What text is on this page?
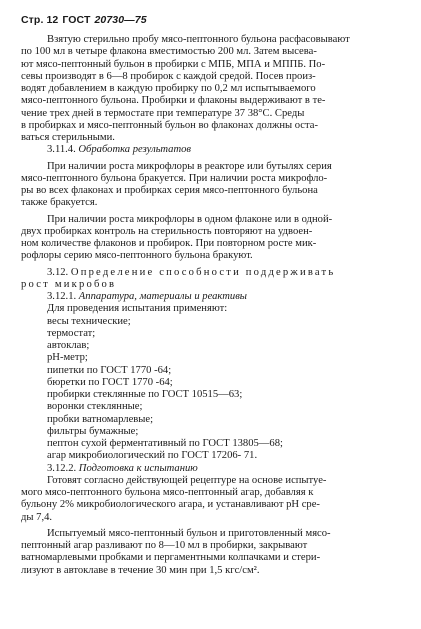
Стр. 12 ГОСТ 20730—75

Взятую стерильно пробу мясо-пептонного бульона расфасовывают

по 100 мл в четыре флакона вместимостью 200 мл. Затем высева-

ют мясо-пептонный бульон в пробирки с МПБ, МПА и МППБ. По-

севы производят в 6—8 пробирок с каждой средой. Посев произ-

водят добавлением в каждую пробирку по 0,2 мл испытываемого

мясо-пептонного бульона. Пробирки и флаконы выдерживают в те-

чение трех дней в термостате при температуре 37 38°С. Среды

в пробирках и мясо-пептонный бульон во флаконах должны оста-

ваться стерильными.

3.11.4. Обработка результатов

При наличии роста микрофлоры в реакторе или бутылях серия

мясо-пептонного бульона бракуется. При наличии роста микрофло-

ры во всех флаконах и пробирках серия мясо-пептонного бульона

также бракуется.

При наличии роста микрофлоры в одном флаконе или в одной-

двух пробирках контроль на стерильность повторяют на удвоен-

ном количестве флаконов и пробирок. При повторном росте мик-

рофлоры серию мясо-пептонного бульона бракуют.

3.12. Определение способности поддерживать

рост микробов

3.12.1. Аппаратура, материалы и реактивы

Для проведения испытания применяют:

весы технические;

термостат;

автоклав;

рН-метр;

пипетки по ГОСТ 1770 -64;

бюретки по ГОСТ 1770 -64;

пробирки стеклянные по ГОСТ 10515—63;

воронки стеклянные;

пробки ватномарлевые;

фильтры бумажные;

пептон сухой ферментативный по ГОСТ 13805—68;

агар микробиологический по ГОСТ 17206- 71.

3.12.2. Подготовка к испытанию

Готовят согласно действующей рецептуре на основе испытуе-

мого мясо-пептонного бульона мясо-пептонный агар, добавляя к

бульону 2% микробиологического агара, и устанавливают рН сре-

ды 7,4.

Испытуемый мясо-пептонный бульон и приготовленный мясо-

пептонный агар разливают по 8—10 мл в пробирки, закрывают

ватномарлевыми пробками и пергаментными колпачками и стери-

лизуют в автоклаве в течение 30 мин при 1,5 кгс/см².
